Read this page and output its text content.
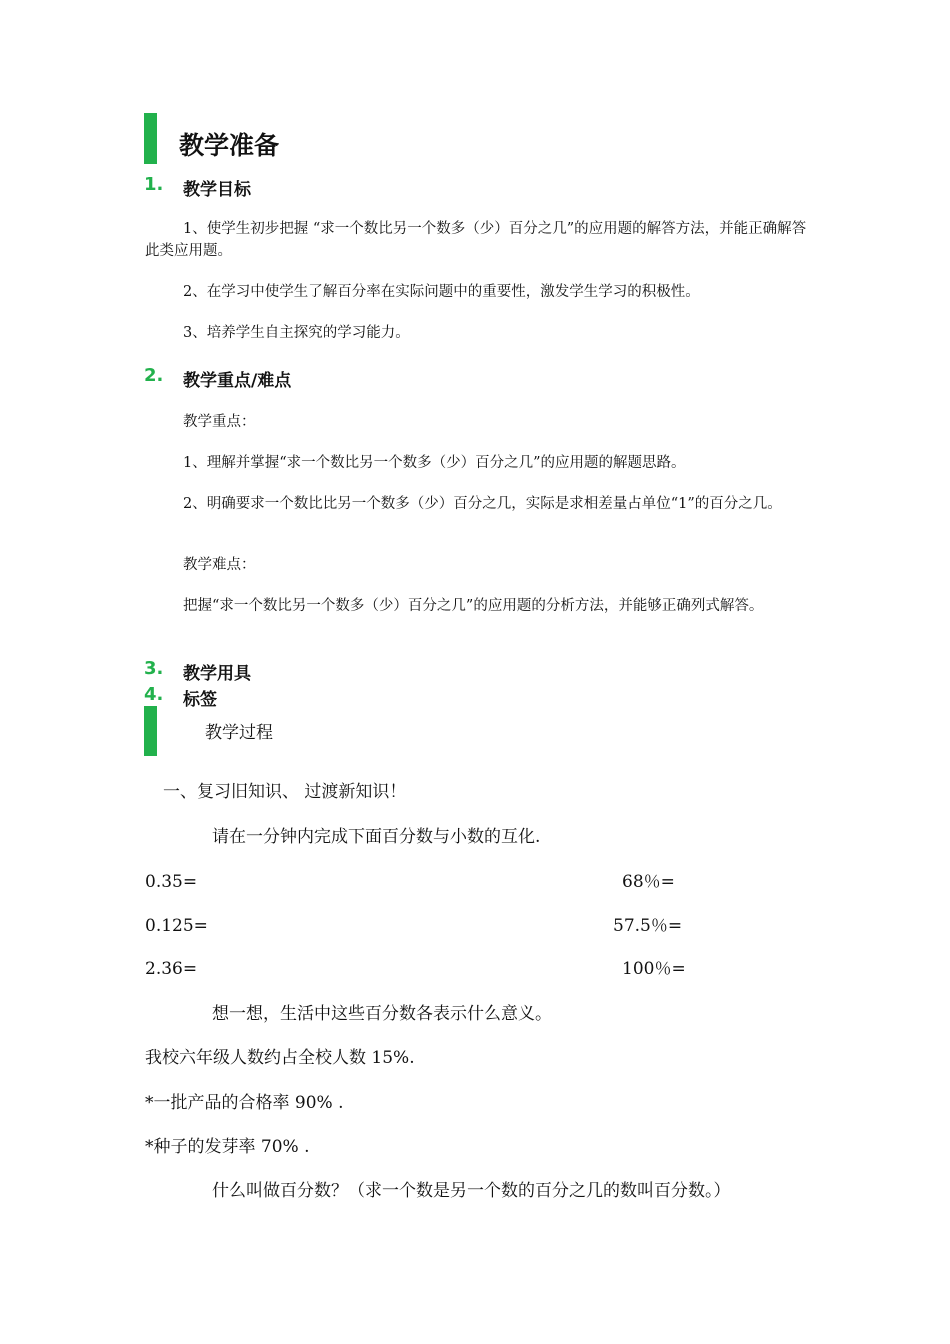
教学准备
1. 教学目标
1、使学生初步把握 “求一个数比另一个数多（少）百分之几”的应用题的解答方法，并能正确解答此类应用题。
2、在学习中使学生了解百分率在实际问题中的重要性，激发学生学习的积极性。
3、培养学生自主探究的学习能力。
2. 教学重点/难点
教学重点：
1、理解并掌握“求一个数比另一个数多（少）百分之几”的应用题的解题思路。
2、明确要求一个数比比另一个数多（少）百分之几，实际是求相差量占单位“1”的百分之几。
教学难点：
把握“求一个数比另一个数多（少）百分之几”的应用题的分析方法，并能够正确列式解答。
3. 教学用具
4. 标签
教学过程
一、复习旧知识、 过渡新知识！
请在一分钟内完成下面百分数与小数的互化.
0.35=	68％=
0.125=	57.5％=
2.36=	100％=
想一想，生活中这些百分数各表示什么意义。
我校六年级人数约占全校人数 15%.
*一批产品的合格率 90% .
*种子的发芽率 70% .
什么叫做百分数？（求一个数是另一个数的百分之几的数叫百分数。）
